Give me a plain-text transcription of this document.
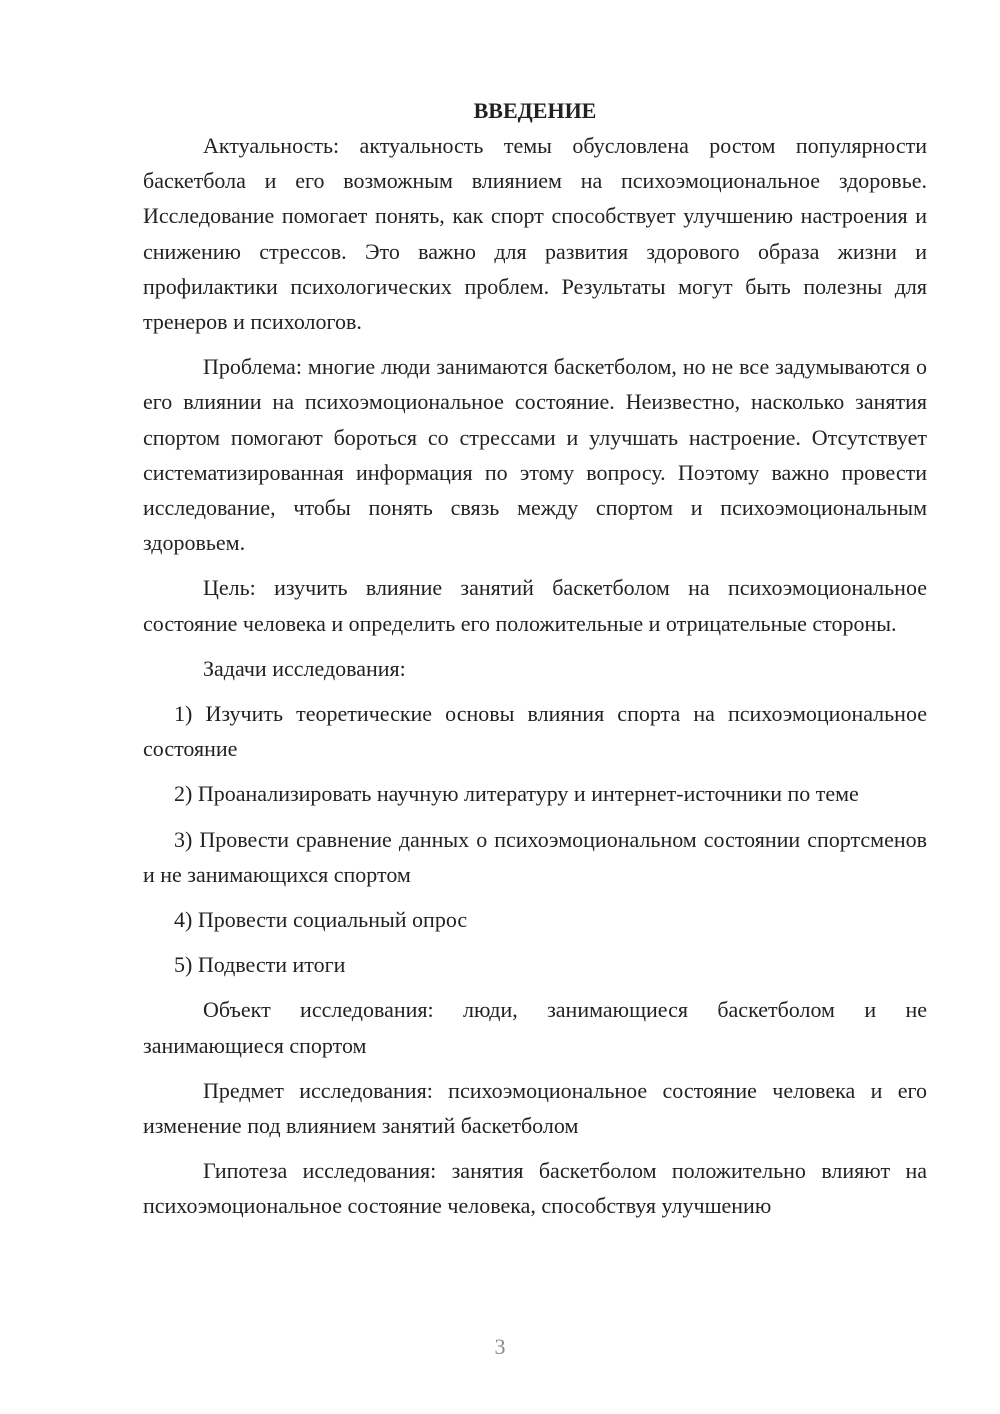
ВВЕДЕНИЕ

Актуальность: актуальность темы обусловлена ростом популярности баскетбола и его возможным влиянием на психоэмоциональное здоровье. Исследование помогает понять, как спорт способствует улучшению настроения и снижению стрессов. Это важно для развития здорового образа жизни и профилактики психологических проблем. Результаты могут быть полезны для тренеров и психологов.

Проблема: многие люди занимаются баскетболом, но не все задумываются о его влиянии на психоэмоциональное состояние. Неизвестно, насколько занятия спортом помогают бороться со стрессами и улучшать настроение. Отсутствует систематизированная информация по этому вопросу. Поэтому важно провести исследование, чтобы понять связь между спортом и психоэмоциональным здоровьем.

Цель: изучить влияние занятий баскетболом на психоэмоциональное состояние человека и определить его положительные и отрицательные стороны.

Задачи исследования:

1) Изучить теоретические основы влияния спорта на психоэмоциональное состояние

2) Проанализировать научную литературу и интернет-источники по теме

3) Провести сравнение данных о психоэмоциональном состоянии спортсменов и не занимающихся спортом

4) Провести социальный опрос

5) Подвести итоги

Объект исследования: люди, занимающиеся баскетболом и не занимающиеся спортом

Предмет исследования: психоэмоциональное состояние человека и его изменение под влиянием занятий баскетболом

Гипотеза исследования: занятия баскетболом положительно влияют на психоэмоциональное состояние человека, способствуя улучшению

3
